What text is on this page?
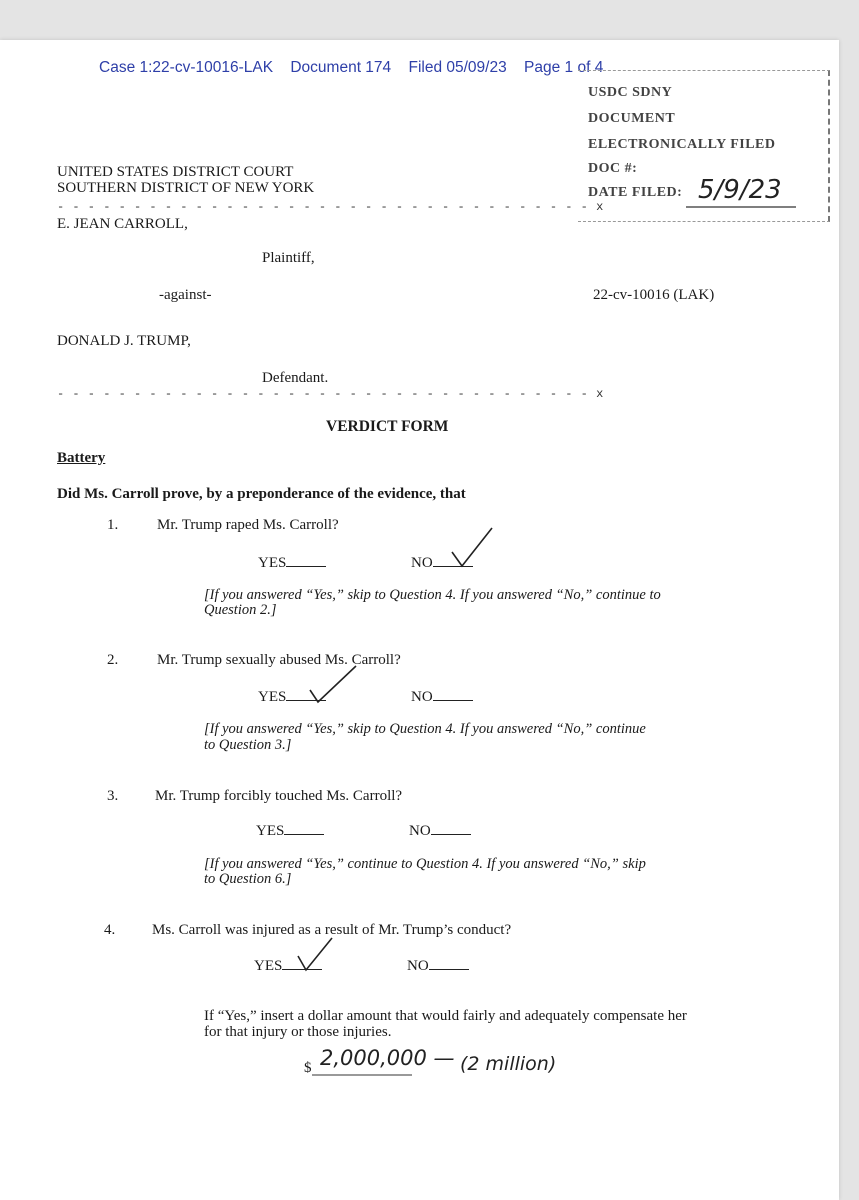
Case 1:22-cv-10016-LAK Document 174 Filed 05/09/23 Page 1 of 4
USDC SDNY
DOCUMENT
ELECTRONICALLY FILED
DOC #:
DATE FILED: 5/9/23
UNITED STATES DISTRICT COURT
SOUTHERN DISTRICT OF NEW YORK
- - - - - - - - - - - - - - - - - - - - - - - - - - - - - - - - - - - x
E. JEAN CARROLL,
Plaintiff,
-against-	22-cv-10016 (LAK)
DONALD J. TRUMP,
Defendant.
- - - - - - - - - - - - - - - - - - - - - - - - - - - - - - - - - - - x
VERDICT FORM
Battery
Did Ms. Carroll prove, by a preponderance of the evidence, that
1.	Mr. Trump raped Ms. Carroll?
YES	NO
[If you answered “Yes,” skip to Question 4. If you answered “No,” continue to
Question 2.]
2.	Mr. Trump sexually abused Ms. Carroll?
YES	NO
[If you answered “Yes,” skip to Question 4. If you answered “No,” continue
to Question 3.]
3. Mr. Trump forcibly touched Ms. Carroll?
YES	NO
[If you answered “Yes,” continue to Question 4. If you answered “No,” skip
to Question 6.]
4. Ms. Carroll was injured as a result of Mr. Trump’s conduct?
YES	NO
If “Yes,” insert a dollar amount that would fairly and adequately compensate her
for that injury or those injuries.
$ 2,000,000 — (2 million)
